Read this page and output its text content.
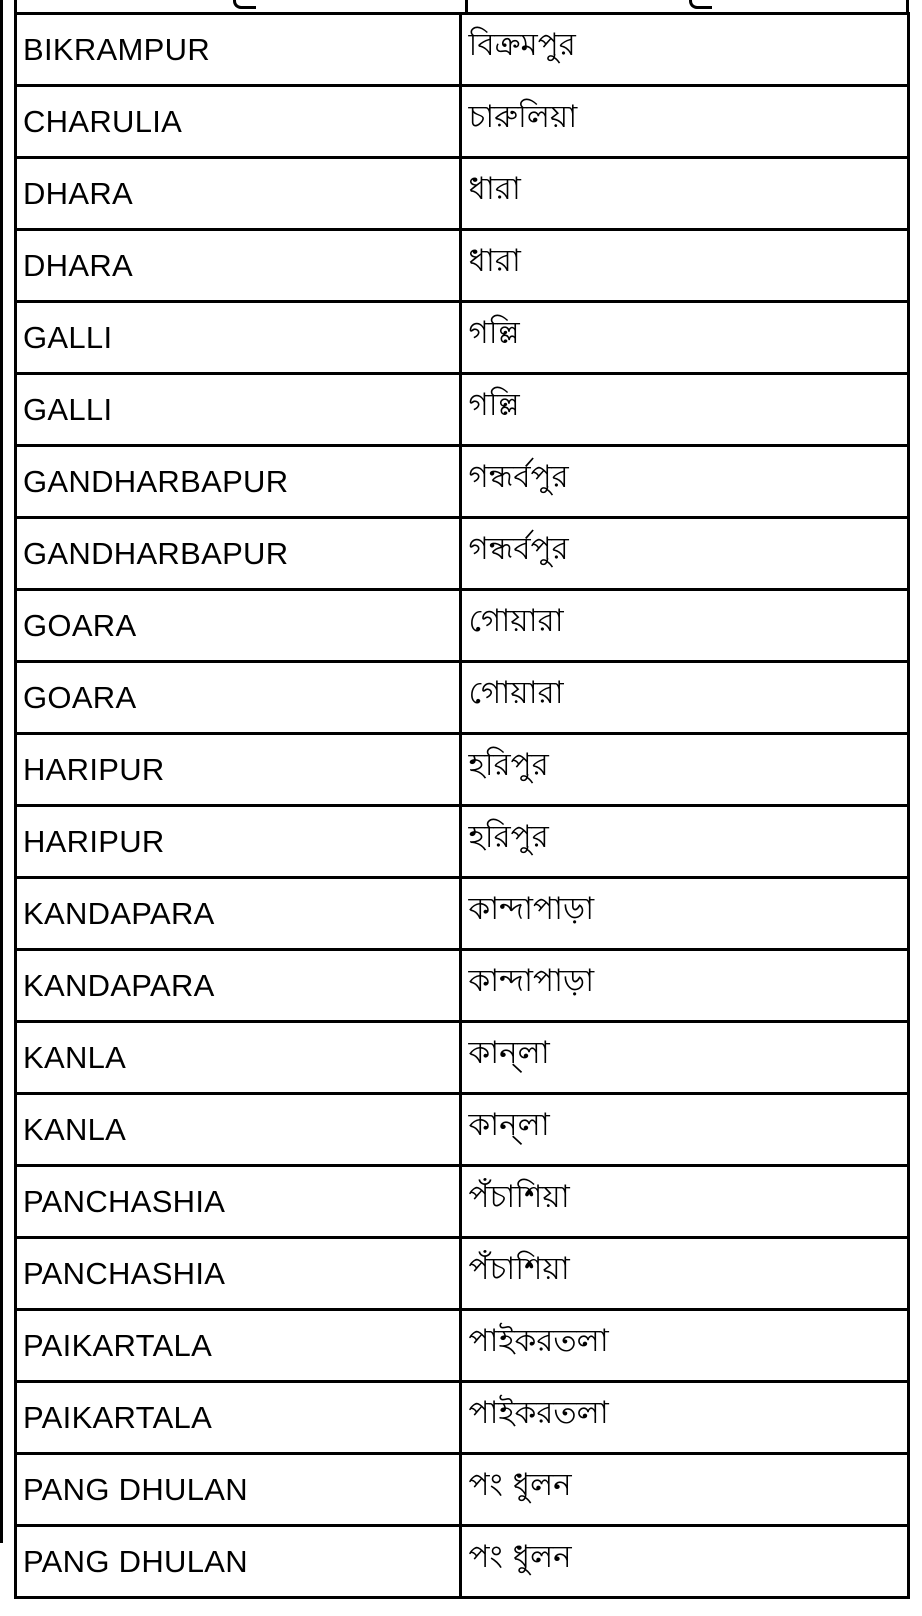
BIKRAMPUR	বিক্রমপুর
CHARULIA	চারুলিয়া
DHARA	ধারা
DHARA	ধারা
GALLI	গল্লি
GALLI	গল্লি
GANDHARBAPUR	গন্ধর্বপুর
GANDHARBAPUR	গন্ধর্বপুর
GOARA	গোয়ারা
GOARA	গোয়ারা
HARIPUR	হরিপুর
HARIPUR	হরিপুর
KANDAPARA	কান্দাপাড়া
KANDAPARA	কান্দাপাড়া
KANLA	কান্‌লা
KANLA	কান্‌লা
PANCHASHIA	পঁচাশিয়া
PANCHASHIA	পঁচাশিয়া
PAIKARTALA	পাইকরতলা
PAIKARTALA	পাইকরতলা
PANG DHULAN	পং ধুলন
PANG DHULAN	পং ধুলন
